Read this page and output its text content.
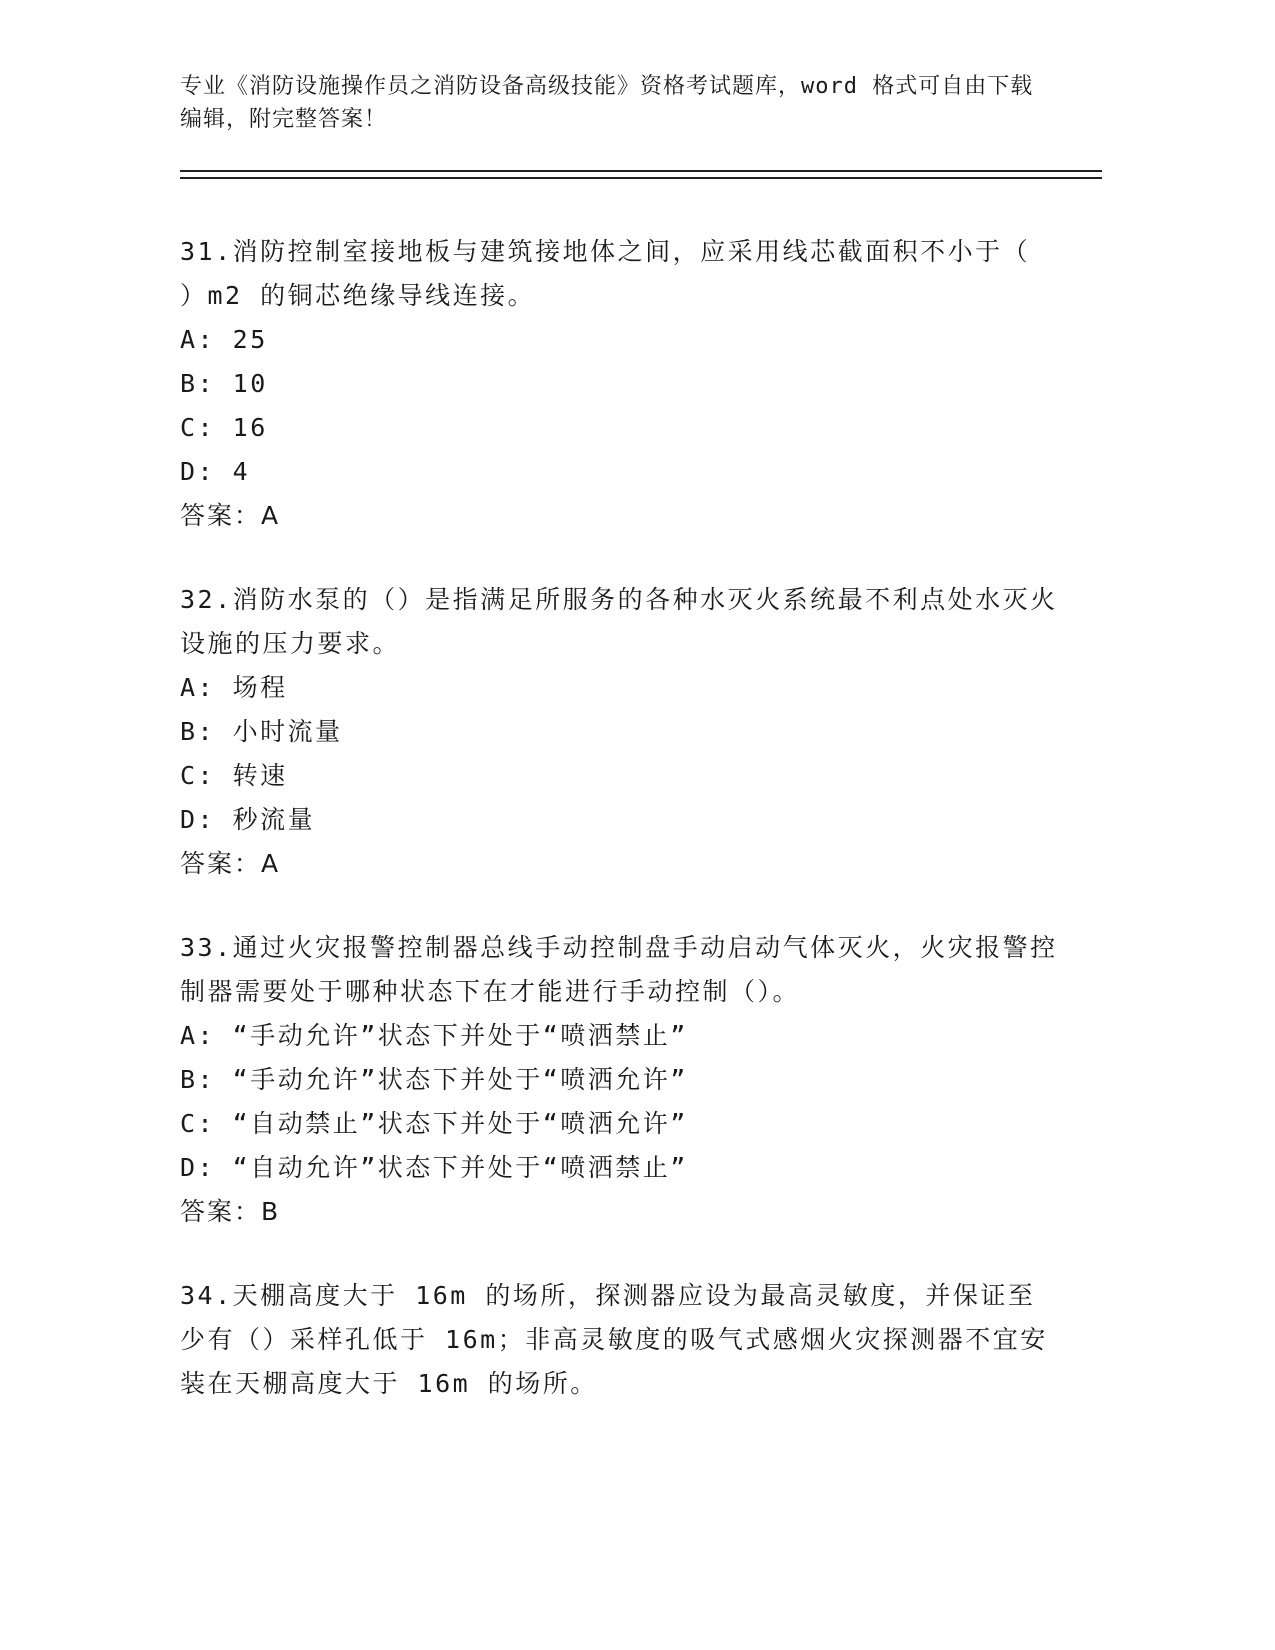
专业《消防设施操作员之消防设备高级技能》资格考试题库，word 格式可自由下载编辑，附完整答案！
31.消防控制室接地板与建筑接地体之间，应采用线芯截面积不小于（ ）m2 的铜芯绝缘导线连接。
A: 25
B: 10
C: 16
D: 4
答案：A
32.消防水泵的（）是指满足所服务的各种水灭火系统最不利点处水灭火设施的压力要求。
A: 场程
B: 小时流量
C: 转速
D: 秒流量
答案：A
33.通过火灾报警控制器总线手动控制盘手动启动气体灭火，火灾报警控制器需要处于哪种状态下在才能进行手动控制（）。
A: “手动允许”状态下并处于“喷洒禁止”
B: “手动允许”状态下并处于“喷洒允许”
C: “自动禁止”状态下并处于“喷洒允许”
D: “自动允许”状态下并处于“喷洒禁止”
答案：B
34.天棚高度大于 16m 的场所，探测器应设为最高灵敏度，并保证至少有（）采样孔低于 16m；非高灵敏度的吸气式感烟火灾探测器不宜安装在天棚高度大于 16m 的场所。
